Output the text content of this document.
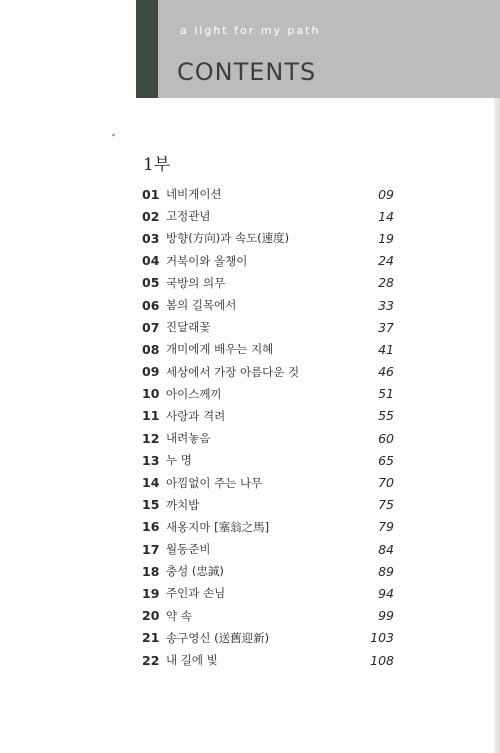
a light for my path
CONTENTS
1부
01 네비게이션	09
02 고정관념	14
03 방향(方向)과 속도(速度)	19
04 거북이와 올챙이	24
05 국방의 의무	28
06 봄의 길목에서	33
07 진달래꽃	37
08 개미에게 배우는 지혜	41
09 세상에서 가장 아름다운 것	46
10 아이스께끼	51
11 사랑과 격려	55
12 내려놓음	60
13 누 명	65
14 아낌없이 주는 나무	70
15 까치밥	75
16 새옹지마 [塞翁之馬]	79
17 월동준비	84
18 충성 (忠誠)	89
19 주인과 손님	94
20 약 속	99
21 송구영신 (送舊迎新)	103
22 내 길에 빛	108
